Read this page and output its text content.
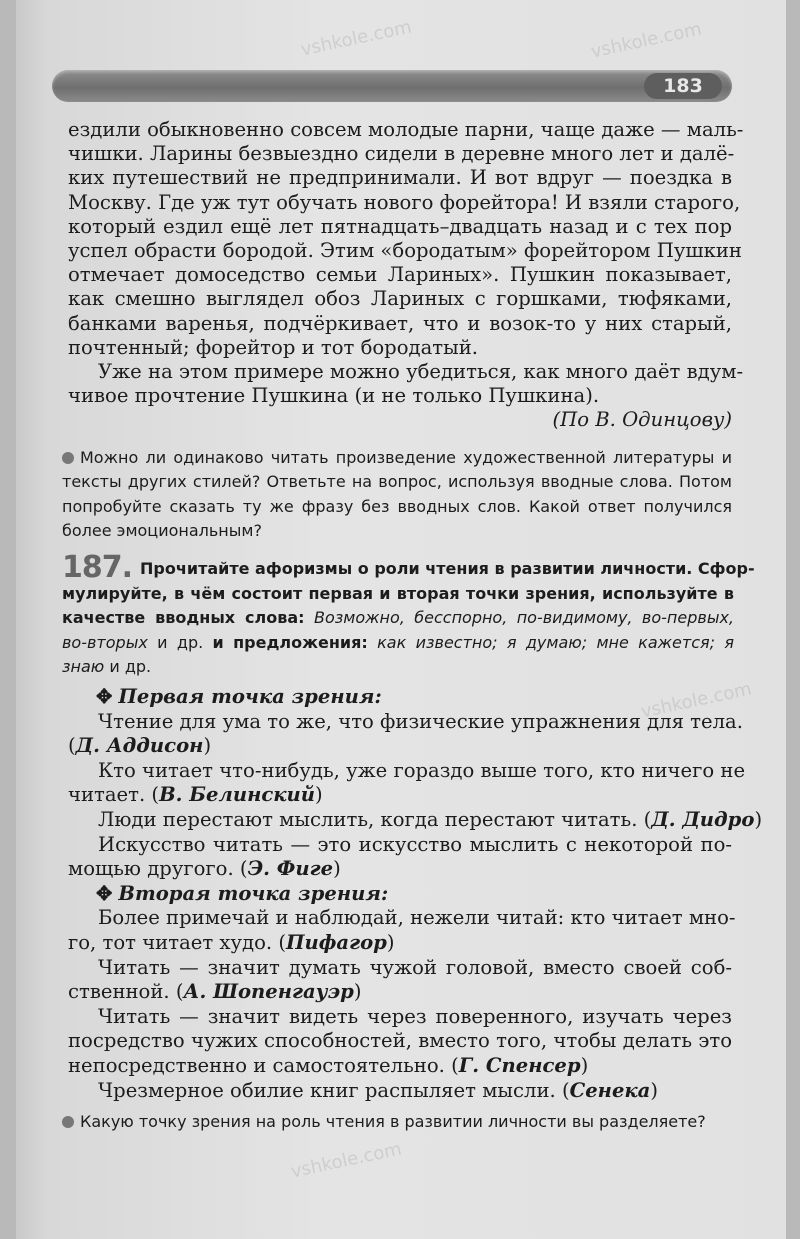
vshkole.com	vshkole.com
vshkole.com
vshkole.com
183
ездили обыкновенно совсем молодые парни, чаще даже — маль-
чишки. Ларины безвыездно сидели в деревне много лет и далё-
ких путешествий не предпринимали. И вот вдруг — поездка в
Москву. Где уж тут обучать нового форейтора! И взяли старого,
который ездил ещё лет пятнадцать–двадцать назад и с тех пор
успел обрасти бородой. Этим «бородатым» форейтором Пушкин
отмечает домоседство семьи Лариных». Пушкин показывает,
как смешно выглядел обоз Лариных с горшками, тюфяками,
банками варенья, подчёркивает, что и возок-то у них старый,
почтенный; форейтор и тот бородатый.
Уже на этом примере можно убедиться, как много даёт вдум-
чивое прочтение Пушкина (и не только Пушкина).
(По В. Одинцову)
Можно ли одинаково читать произведение художественной литературы и
тексты других стилей? Ответьте на вопрос, используя вводные слова. Потом
попробуйте сказать ту же фразу без вводных слов. Какой ответ получился
более эмоциональным?
187. Прочитайте афоризмы о роли чтения в развитии личности. Сфор-
мулируйте, в чём состоит первая и вторая точки зрения, используйте в
качестве вводных слова: Возможно, бесспорно, по-видимому, во-первых,
во-вторых и др. и предложения: как известно; я думаю; мне кажется; я
знаю и др.
✥ Первая точка зрения:
Чтение для ума то же, что физические упражнения для тела.
(Д. Аддисон)
Кто читает что-нибудь, уже гораздо выше того, кто ничего не
читает. (В. Белинский)
Люди перестают мыслить, когда перестают читать. (Д. Дидро)
Искусство читать — это искусство мыслить с некоторой по-
мощью другого. (Э. Фиге)
✥ Вторая точка зрения:
Более примечай и наблюдай, нежели читай: кто читает мно-
го, тот читает худо. (Пифагор)
Читать — значит думать чужой головой, вместо своей соб-
ственной. (А. Шопенгауэр)
Читать — значит видеть через поверенного, изучать через
посредство чужих способностей, вместо того, чтобы делать это
непосредственно и самостоятельно. (Г. Спенсер)
Чрезмерное обилие книг распыляет мысли. (Сенека)
Какую точку зрения на роль чтения в развитии личности вы разделяете?
